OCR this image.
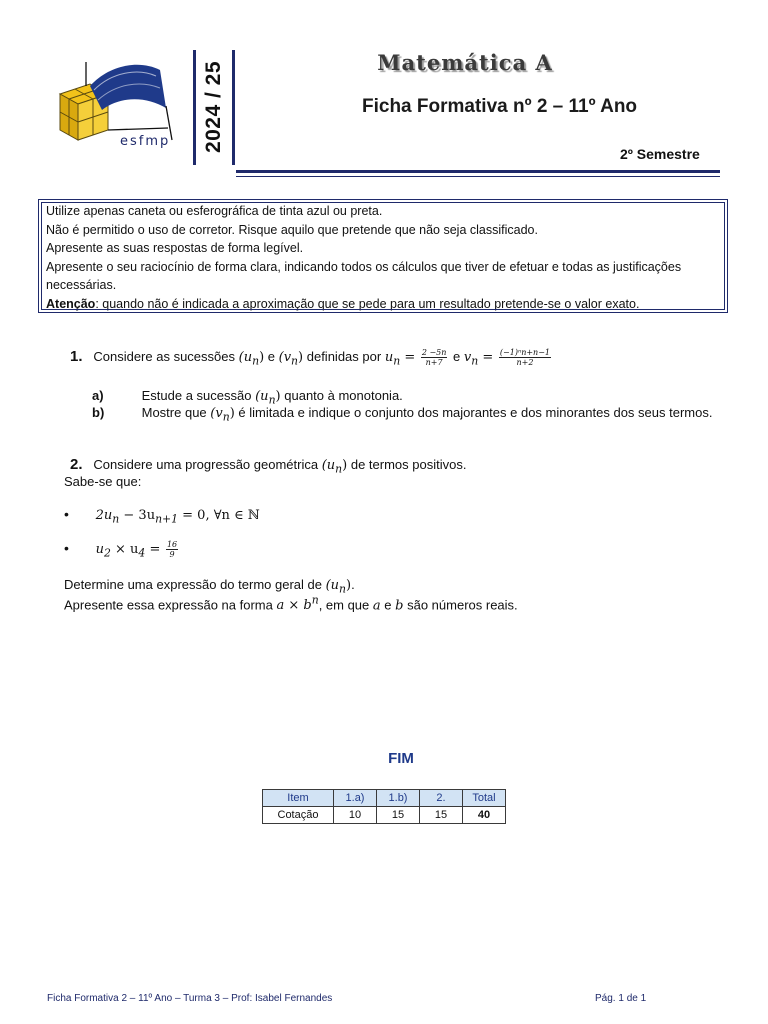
esfmp 2024 / 25	Matemática A
Ficha Formativa nº 2 – 11º Ano
2º Semestre
Utilize apenas caneta ou esferográfica de tinta azul ou preta.
Não é permitido o uso de corretor. Risque aquilo que pretende que não seja classificado.
Apresente as suas respostas de forma legível.
Apresente o seu raciocínio de forma clara, indicando todos os cálculos que tiver de efetuar e todas as justificações
necessárias.
Atenção: quando não é indicada a aproximação que se pede para um resultado pretende-se o valor exato.
1. Considere as sucessões $(u_n)$ e $(v_n)$ definidas por $u_n = \frac{2 -5n}{n+7}$ e $v_n = \frac{\text{(−1)ⁿn+n−1}}{n+2}$
a)	Estude a sucessão $(u_n)$ quanto à monotonia.
b)	Mostre que $(v_n)$ é limitada e indique o conjunto dos majorantes e dos minorantes dos seus termos.
2. Considere uma progressão geométrica $(u_n)$ de termos positivos.
Sabe-se que:
• $2u_n - 3u_{n+1} = 0$, ∀n ∈ ℕ
• $u_2 \times u_4 = \frac{16}{9}$
Determine uma expressão do termo geral de $(u_n)$.
Apresente essa expressão na forma $a \times b^n$, em que a e b são números reais.
FIM
Item	1.a)	1.b)	2.	Total
Cotação	10	15	15	40
Ficha Formativa 2 – 11º Ano – Turma 3 – Prof: Isabel Fernandes	Pág. 1 de 1
